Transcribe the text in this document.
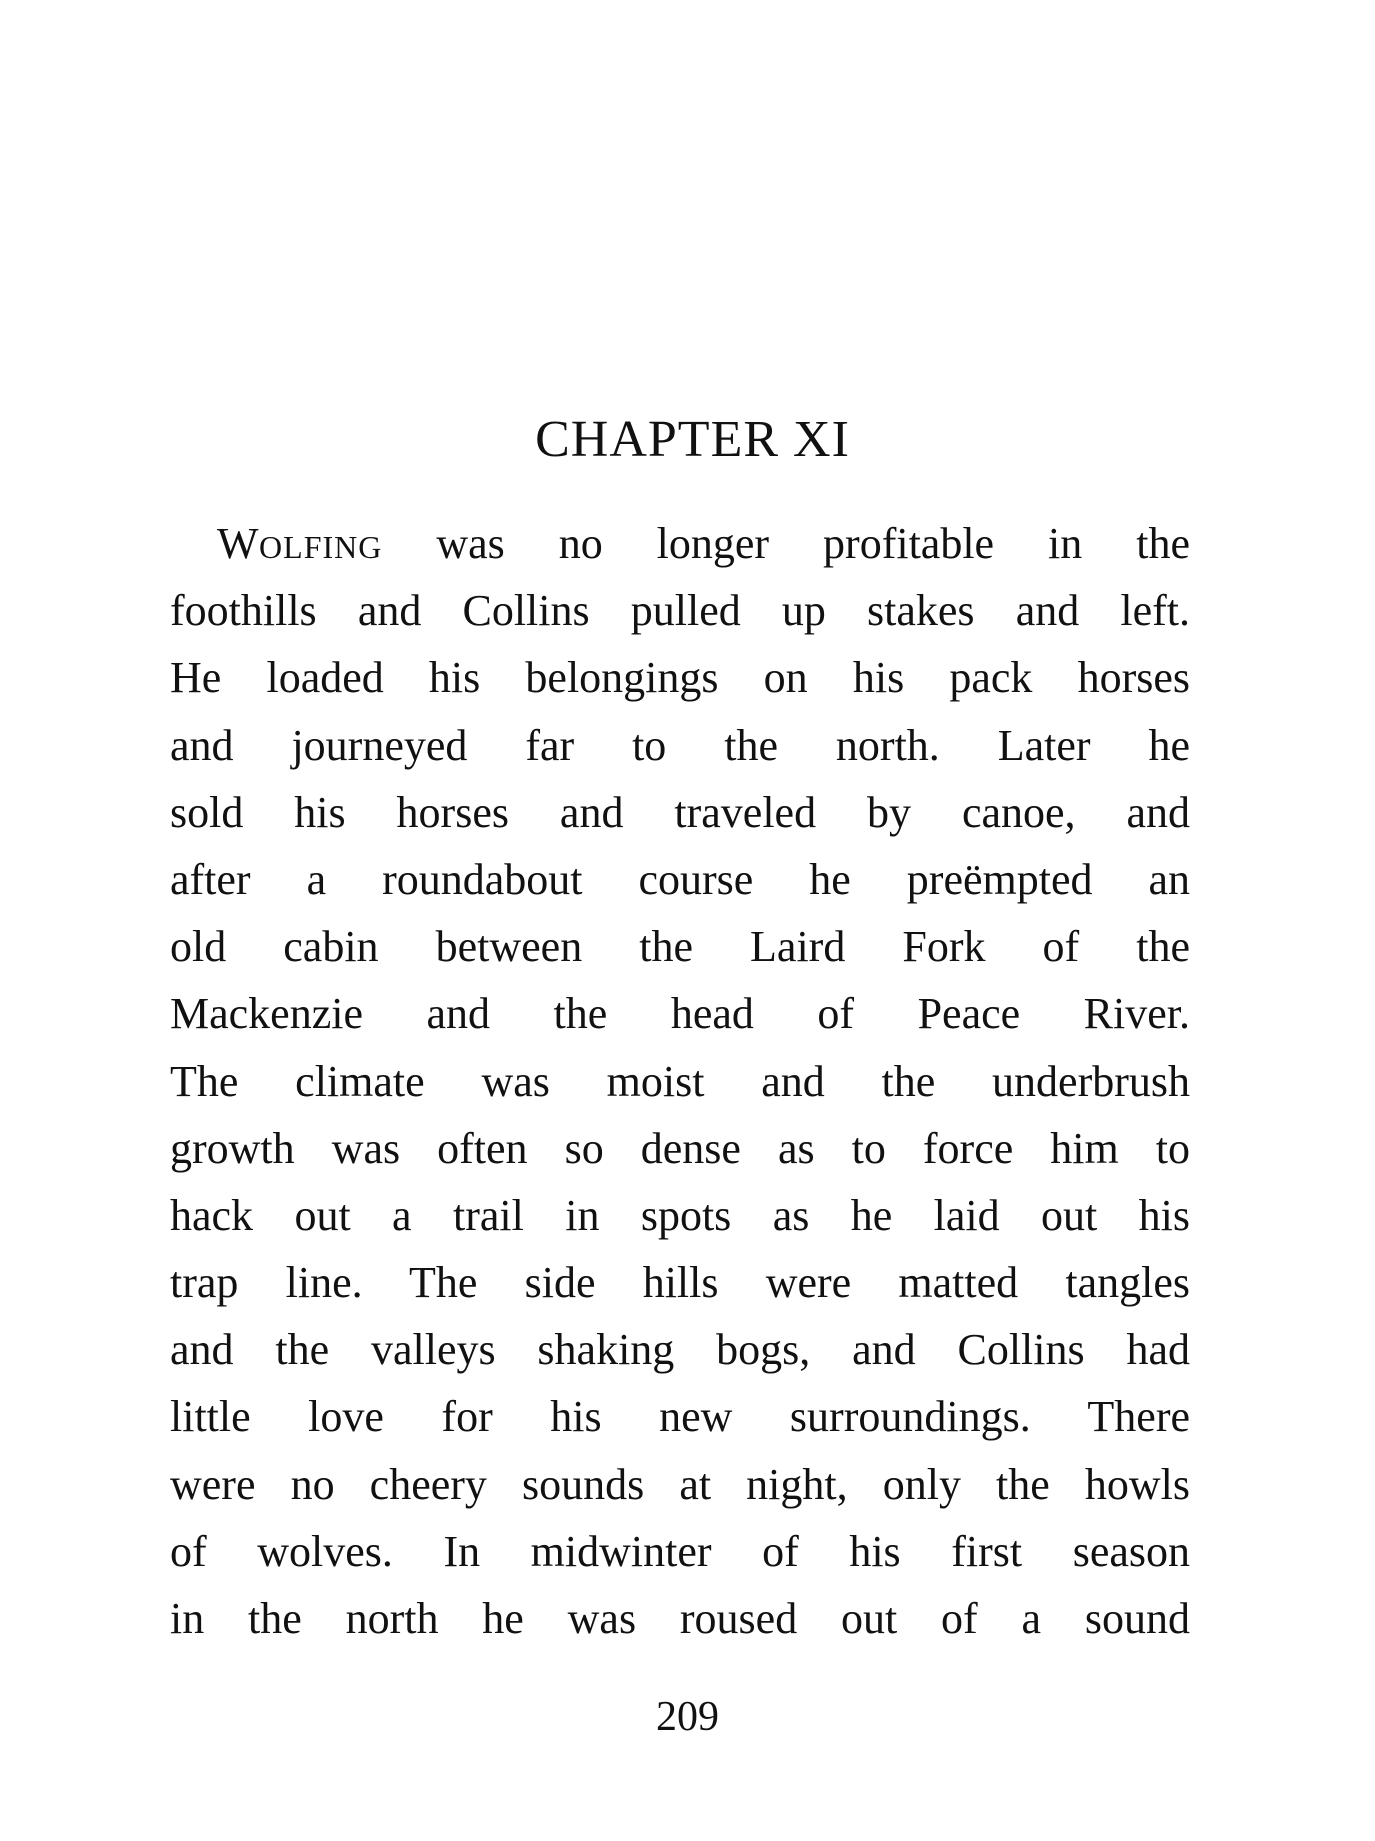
CHAPTER XI
WOLFING was no longer profitable in the
foothills and Collins pulled up stakes and left.
He loaded his belongings on his pack horses
and journeyed far to the north. Later he
sold his horses and traveled by canoe, and
after a roundabout course he preëmpted an
old cabin between the Laird Fork of the
Mackenzie and the head of Peace River.
The climate was moist and the underbrush
growth was often so dense as to force him to
hack out a trail in spots as he laid out his
trap line. The side hills were matted tangles
and the valleys shaking bogs, and Collins had
little love for his new surroundings. There
were no cheery sounds at night, only the howls
of wolves. In midwinter of his first season
in the north he was roused out of a sound
209
